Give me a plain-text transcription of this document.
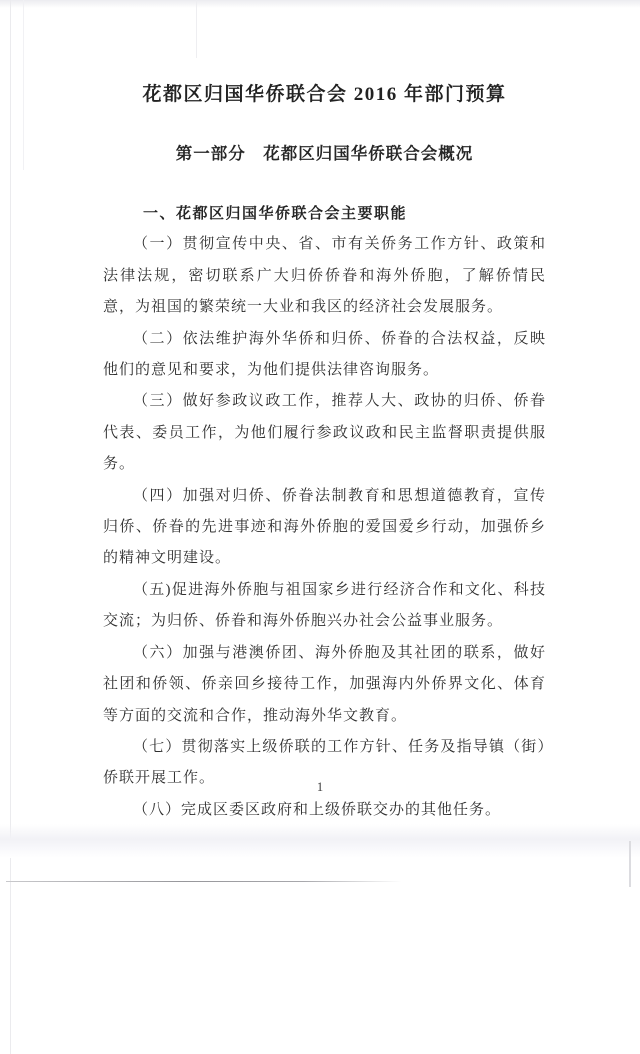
花都区归国华侨联合会 2016 年部门预算
第一部分　花都区归国华侨联合会概况
一、花都区归国华侨联合会主要职能

（一）贯彻宣传中央、省、市有关侨务工作方针、政策和法律法规，密切联系广大归侨侨眷和海外侨胞，了解侨情民意，为祖国的繁荣统一大业和我区的经济社会发展服务。

（二）依法维护海外华侨和归侨、侨眷的合法权益，反映他们的意见和要求，为他们提供法律咨询服务。

（三）做好参政议政工作，推荐人大、政协的归侨、侨眷代表、委员工作，为他们履行参政议政和民主监督职责提供服务。

（四）加强对归侨、侨眷法制教育和思想道德教育，宣传归侨、侨眷的先进事迹和海外侨胞的爱国爱乡行动，加强侨乡的精神文明建设。

（五)促进海外侨胞与祖国家乡进行经济合作和文化、科技交流；为归侨、侨眷和海外侨胞兴办社会公益事业服务。

（六）加强与港澳侨团、海外侨胞及其社团的联系，做好社团和侨领、侨亲回乡接待工作，加强海内外侨界文化、体育等方面的交流和合作，推动海外华文教育。

（七）贯彻落实上级侨联的工作方针、任务及指导镇（街）侨联开展工作。

（八）完成区委区政府和上级侨联交办的其他任务。

1
